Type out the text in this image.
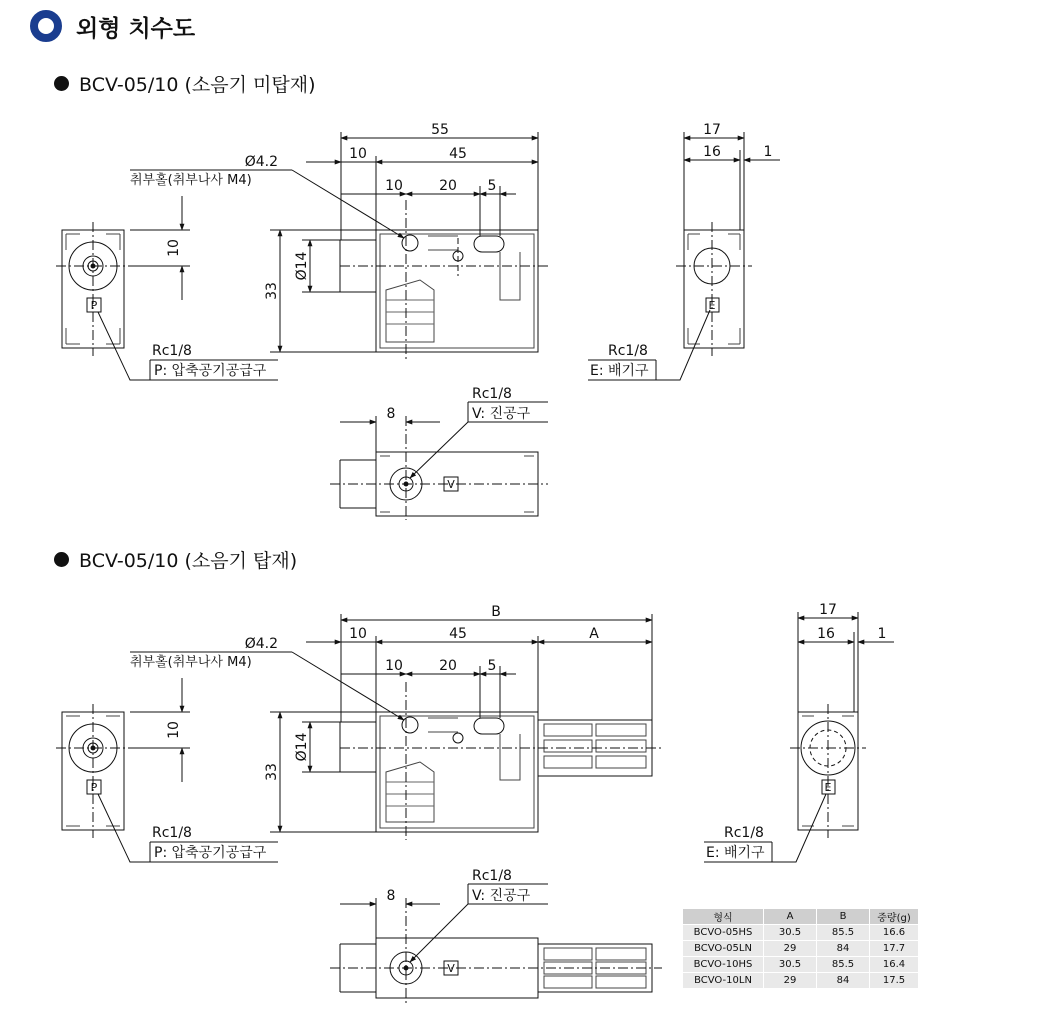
외형 치수도
BCV-05/10 (소음기 미탑재)
BCV-05/10 (소음기 탑재)
P
10
Rc1/8
P: 압축공기공급구
55
10	45
10	20 5
Ø4.2
취부홀(취부나사 M4)
33
Ø14
E
17
16	1
Rc1/8
E: 배기구
V
8
Rc1/8
V: 진공구
P
10
Rc1/8
P: 압축공기공급구
B
10	45	A
10	20 5
Ø4.2
취부홀(취부나사 M4)
33
Ø14
E
17
16	1
Rc1/8
E: 배기구
V
8
Rc1/8
V: 진공구
형식	A	B	중량(g)
BCVO-05HS	30.5	85.5	16.6
BCVO-05LN	29	84	17.7
BCVO-10HS	30.5	85.5	16.4
BCVO-10LN	29	84	17.5
